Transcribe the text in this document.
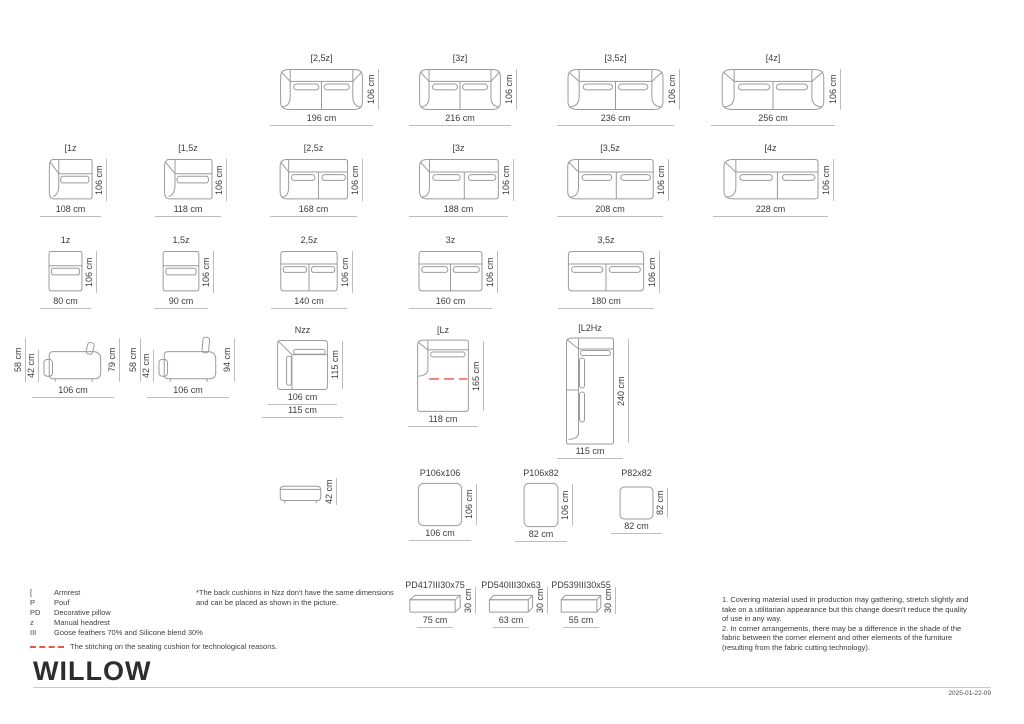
[2,5z]
106 cm
196 cm
[3z]
106 cm
216 cm
[3,5z]
106 cm
236 cm
[4z]
106 cm
256 cm
[1z
106 cm
108 cm
[1,5z
106 cm
118 cm
[2,5z
106 cm
168 cm
[3z
106 cm
188 cm
[3,5z
106 cm
208 cm
[4z
106 cm
228 cm
1z
106 cm
80 cm
1,5z
106 cm
90 cm
2,5z
106 cm
140 cm
3z
106 cm
160 cm
3,5z
106 cm
180 cm
58 cm 42 cm	79 cm
106 cm
58 cm 42 cm	94 cm
106 cm
Nzz
115 cm
106 cm
115 cm
[Lz
165 cm
118 cm
[L2Hz
240 cm
115 cm
42 cm
P106x106
106 cm
106 cm
P106x82
106 cm
82 cm
P82x82
82 cm
82 cm
PD417III30x75
30 cm
75 cm
PD540III30x63
30 cm
63 cm
PD539III30x55
30 cm
55 cm
[	Armrest
P	Pouf
PD	Decorative pillow
z	Manual headrest
III	Goose feathers 70% and Silicone blend 30%
The stitching on the seating cushion for technological reasons.
*The back cushions in Nzz don't have the same dimensions and can be placed as shown in the picture.	1. Covering material used in production may gathering, stretch slightly and take on a utilitarian appearance but this change doesn't reduce the quality of use in any way.
2. In corner arrangements, there may be a difference in the shade of the fabric between the corner element and other elements of the furniture (resulting from the fabric cutting technology).
WILLOW
2025-01-22-09
